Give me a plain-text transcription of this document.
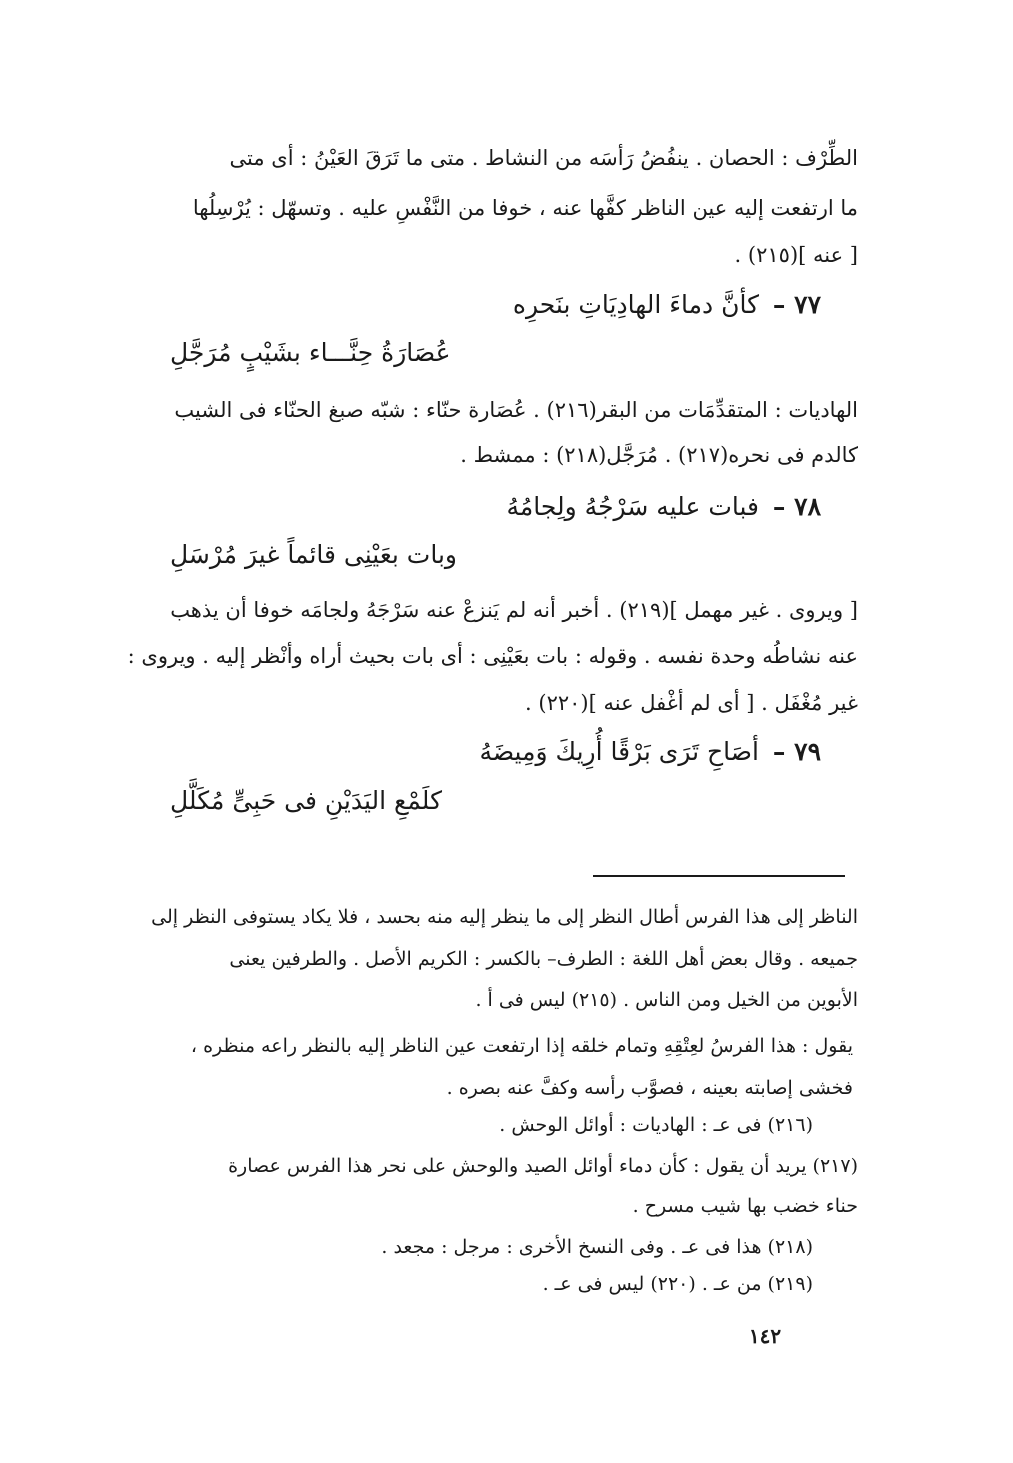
الطِّرْف : الحصان . ينفُضُ رَأسَه من النشاط . متى ما تَرَقَ العَيْنُ : أى متى
ما ارتفعت إليه عين الناظر كفَّها عنه ، خوفا من النَّفْسِ عليه . وتسهّل : يُرْسِلُها
[ عنه ](٢١٥) .
٧٧ – كأنَّ دماءَ الهادِيَاتِ بنَحرِه
عُصَارَةُ حِنَّـــاء بشَيْبٍ مُرَجَّلِ
الهاديات : المتقدِّمَات من البقر(٢١٦) . عُصَارة حنّاء : شبّه صبغ الحنّاء فى الشيب
كالدم فى نحره(٢١٧) . مُرَجَّل(٢١٨) : ممشط .
٧٨ – فبات عليه سَرْجُهُ ولِجامُهُ
وبات بعَيْنِى قائماً غيرَ مُرْسَلِ
[ ويروى . غير مهمل ](٢١٩) . أخبر أنه لم يَنزعْ عنه سَرْجَهُ ولجامَه خوفا أن يذهب
عنه نشاطُه وحدة نفسه . وقوله : بات بعَيْنِى : أى بات بحيث أراه وأنْظر إليه . ويروى :
غير مُغْفَل . [ أى لم أغْفل عنه ](٢٢٠) .
٧٩ – أصَاحِ تَرَى بَرْقًا أُرِيكَ وَمِيضَهُ
كلَمْعِ اليَدَيْنِ فى حَبِىٍّ مُكَلَّلِ
الناظر إلى هذا الفرس أطال النظر إلى ما ينظر إليه منه بحسد ، فلا يكاد يستوفى النظر إلى
جميعه . وقال بعض أهل اللغة : الطرف– بالكسر : الكريم الأصل . والطرفين يعنى
الأبوين من الخيل ومن الناس . (٢١٥) ليس فى أ .
يقول : هذا الفرسُ لعِتْقِهِ وتمام خلقه إذا ارتفعت عين الناظر إليه بالنظر راعه منظره ،
فخشى إصابته بعينه ، فصوَّب رأسه وكفَّ عنه بصره .
(٢١٦) فى عـ : الهاديات : أوائل الوحش .
(٢١٧) يريد أن يقول : كأن دماء أوائل الصيد والوحش على نحر هذا الفرس عصارة
حناء خضب بها شيب مسرح .
(٢١٨) هذا فى عـ . وفى النسخ الأخرى : مرجل : مجعد .
(٢١٩) من عـ . (٢٢٠) ليس فى عـ .
١٤٢
